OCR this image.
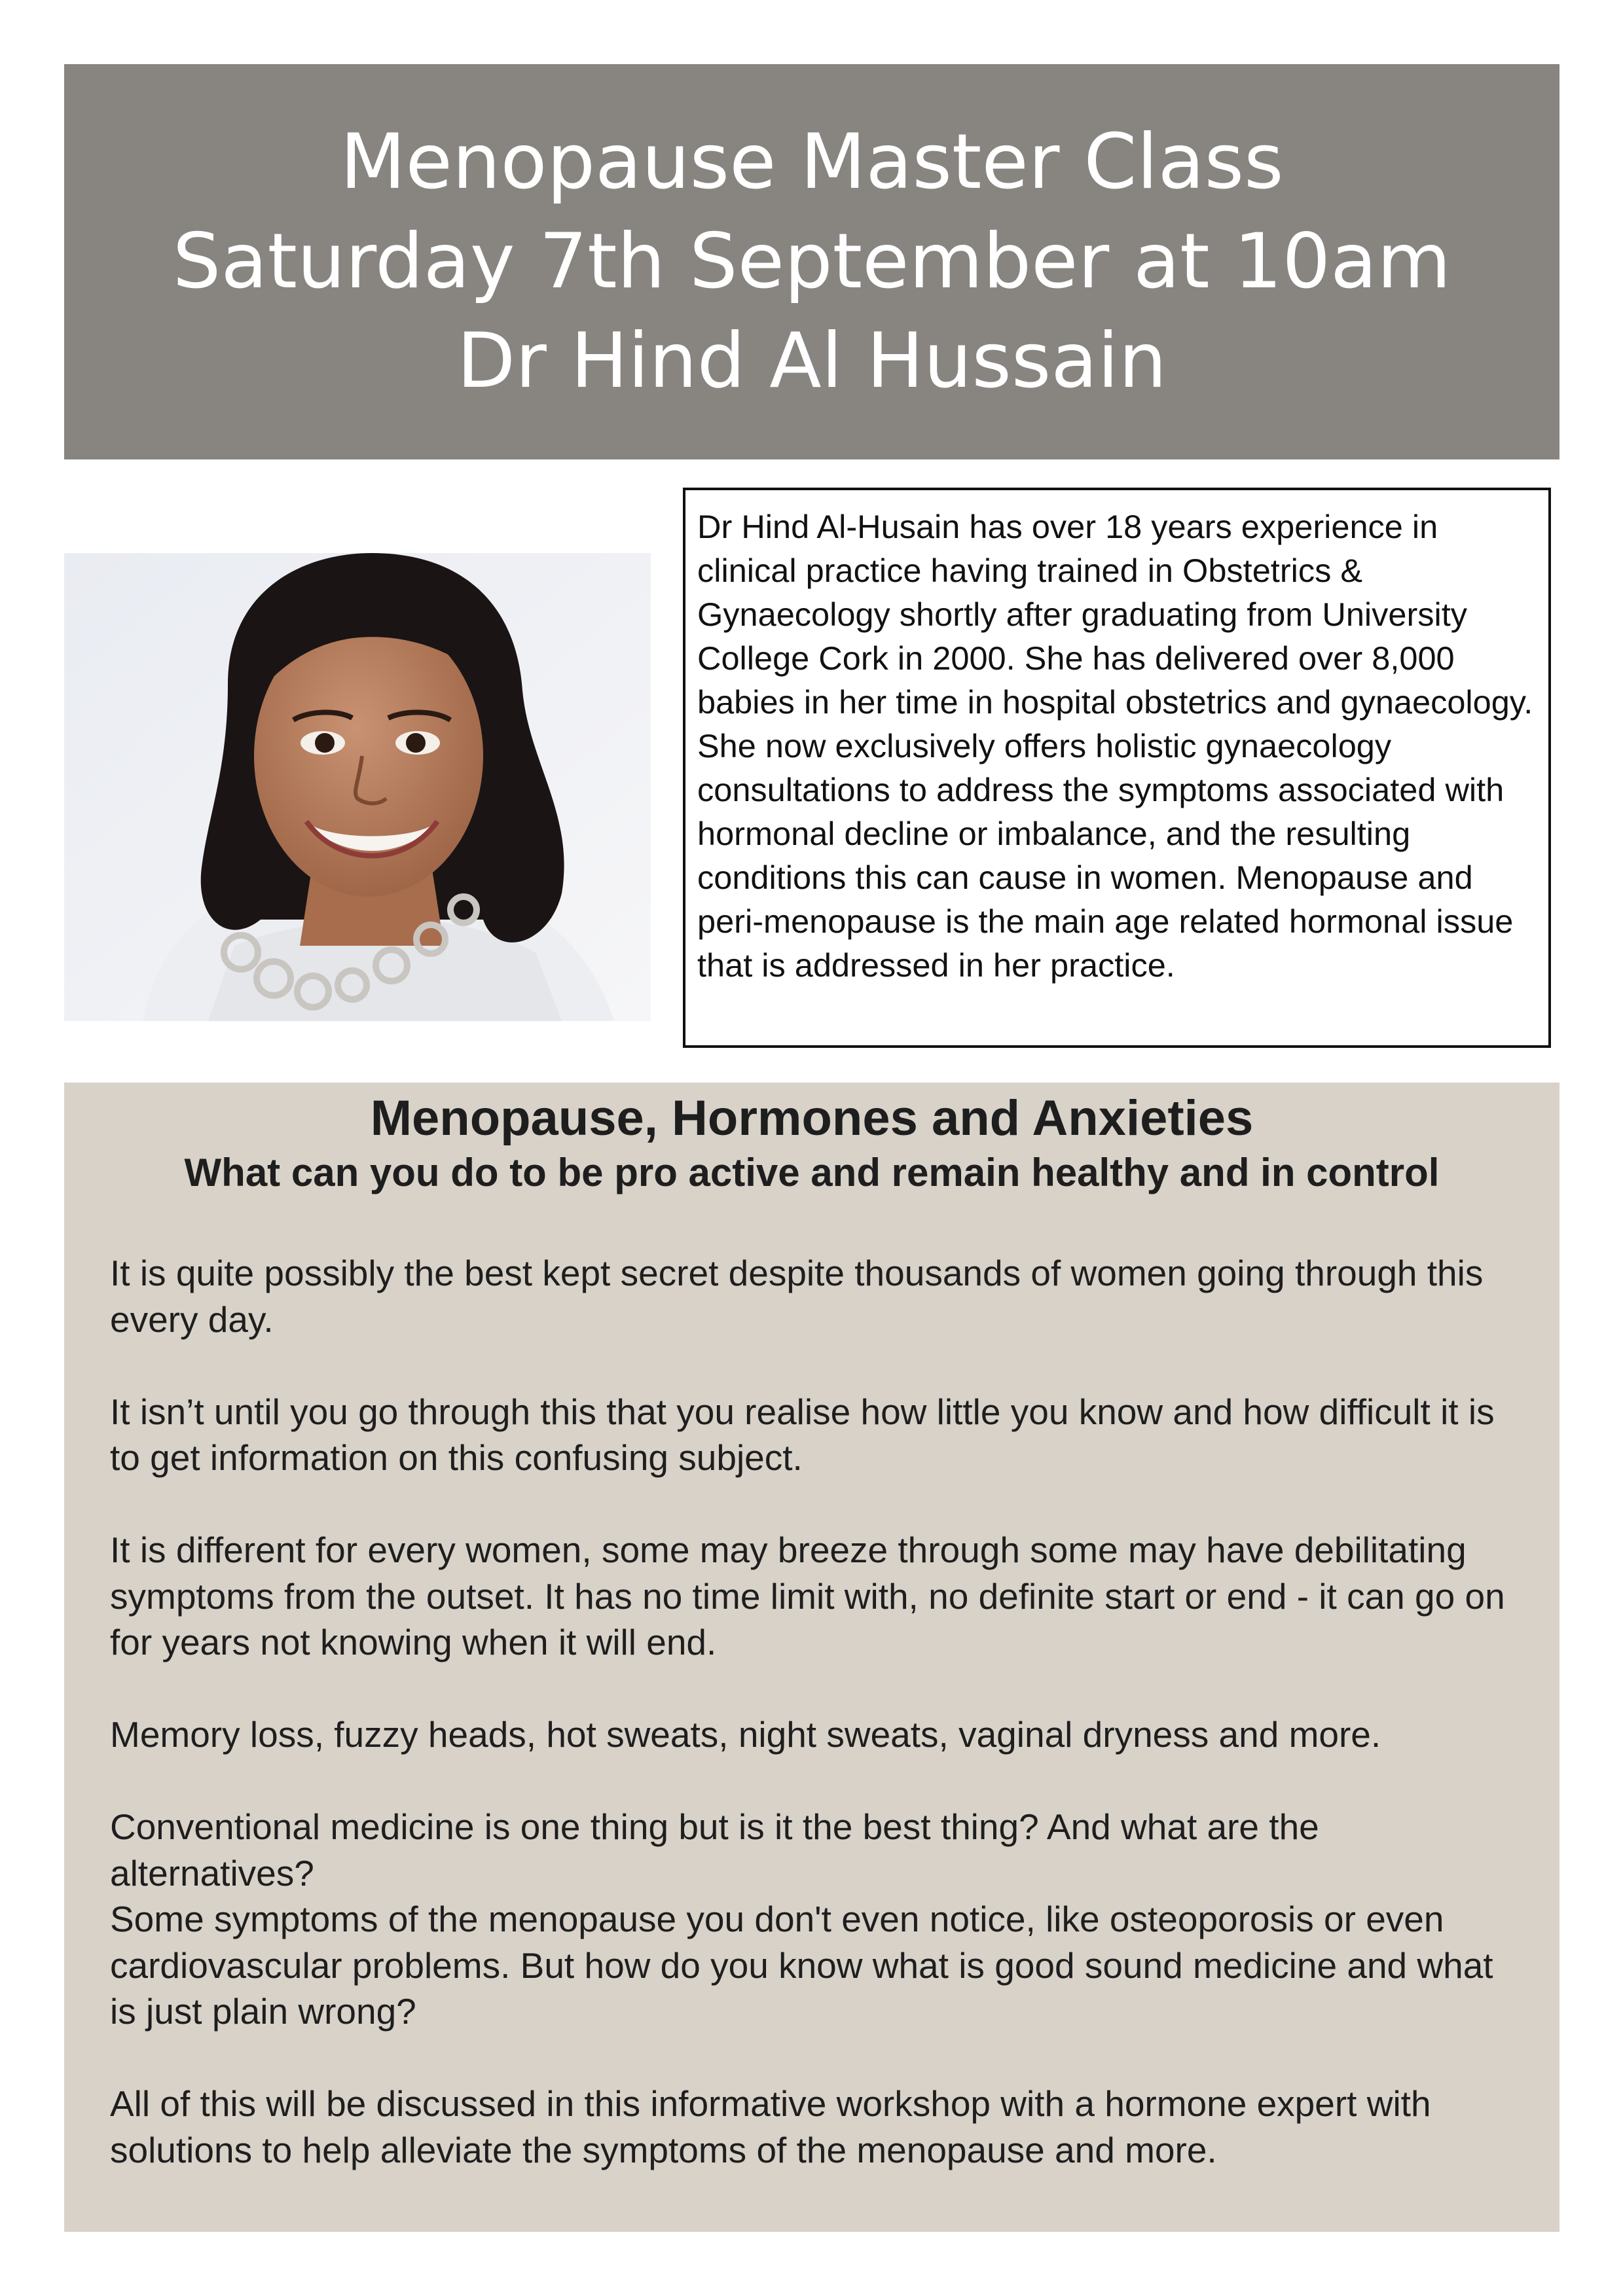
Menopause Master Class
Saturday 7th September at 10am
Dr Hind Al Hussain
Dr Hind Al-Husain has over 18 years experience in clinical practice having trained in Obstetrics & Gynaecology shortly after graduating from University College Cork in 2000. She has delivered over 8,000 babies in her time in hospital obstetrics and gynaecology. She now exclusively offers holistic gynaecology consultations to address the symptoms associated with hormonal decline or imbalance, and the resulting conditions this can cause in women. Menopause and peri-menopause is the main age related hormonal issue that is addressed in her practice.
Menopause, Hormones and Anxieties
What can you do to be pro active and remain healthy and in control

It is quite possibly the best kept secret despite thousands of women going through this every day.

It isn’t until you go through this that you realise how little you know and how difficult it is to get information on this confusing subject.

It is different for every women, some may breeze through some may have debilitating symptoms from the outset. It has no time limit with, no definite start or end - it can go on for years not knowing when it will end.

Memory loss, fuzzy heads, hot sweats, night sweats, vaginal dryness and more.

Conventional medicine is one thing but is it the best thing? And what are the alternatives?

Some symptoms of the menopause you don't even notice, like osteoporosis or even cardiovascular problems. But how do you know what is good sound medicine and what is just plain wrong?

All of this will be discussed in this informative workshop with a hormone expert with solutions to help alleviate the symptoms of the menopause and more.
